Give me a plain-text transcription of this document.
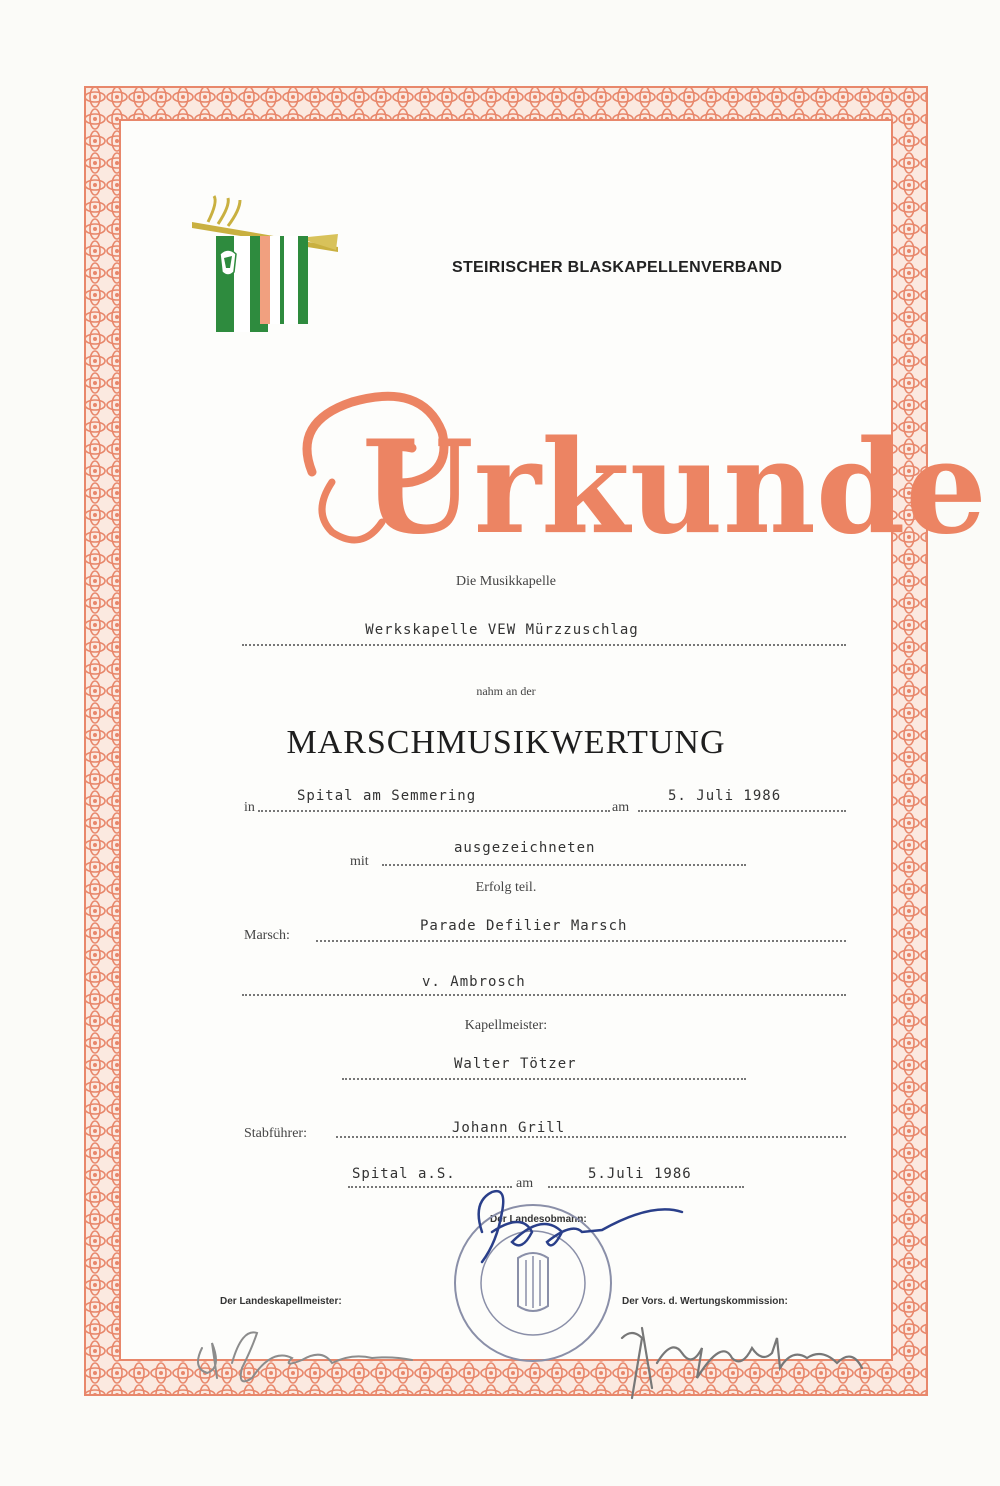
STEIRISCHER BLASKAPELLENVERBAND
Urkunde
Die Musikkapelle
Werkskapelle VEW Mürzzuschlag
nahm an der
MARSCHMUSIKWERTUNG
in
Spital am Semmering
am
5. Juli 1986
mit
ausgezeichneten
Erfolg teil.
Marsch:
Parade Defilier Marsch
v. Ambrosch
Kapellmeister:
Walter Tötzer
Stabführer:	Johann Grill
Spital a.S.
am
5.Juli 1986
Der Landesobmann:
Der Landeskapellmeister:	Der Vors. d. Wertungskommission:
